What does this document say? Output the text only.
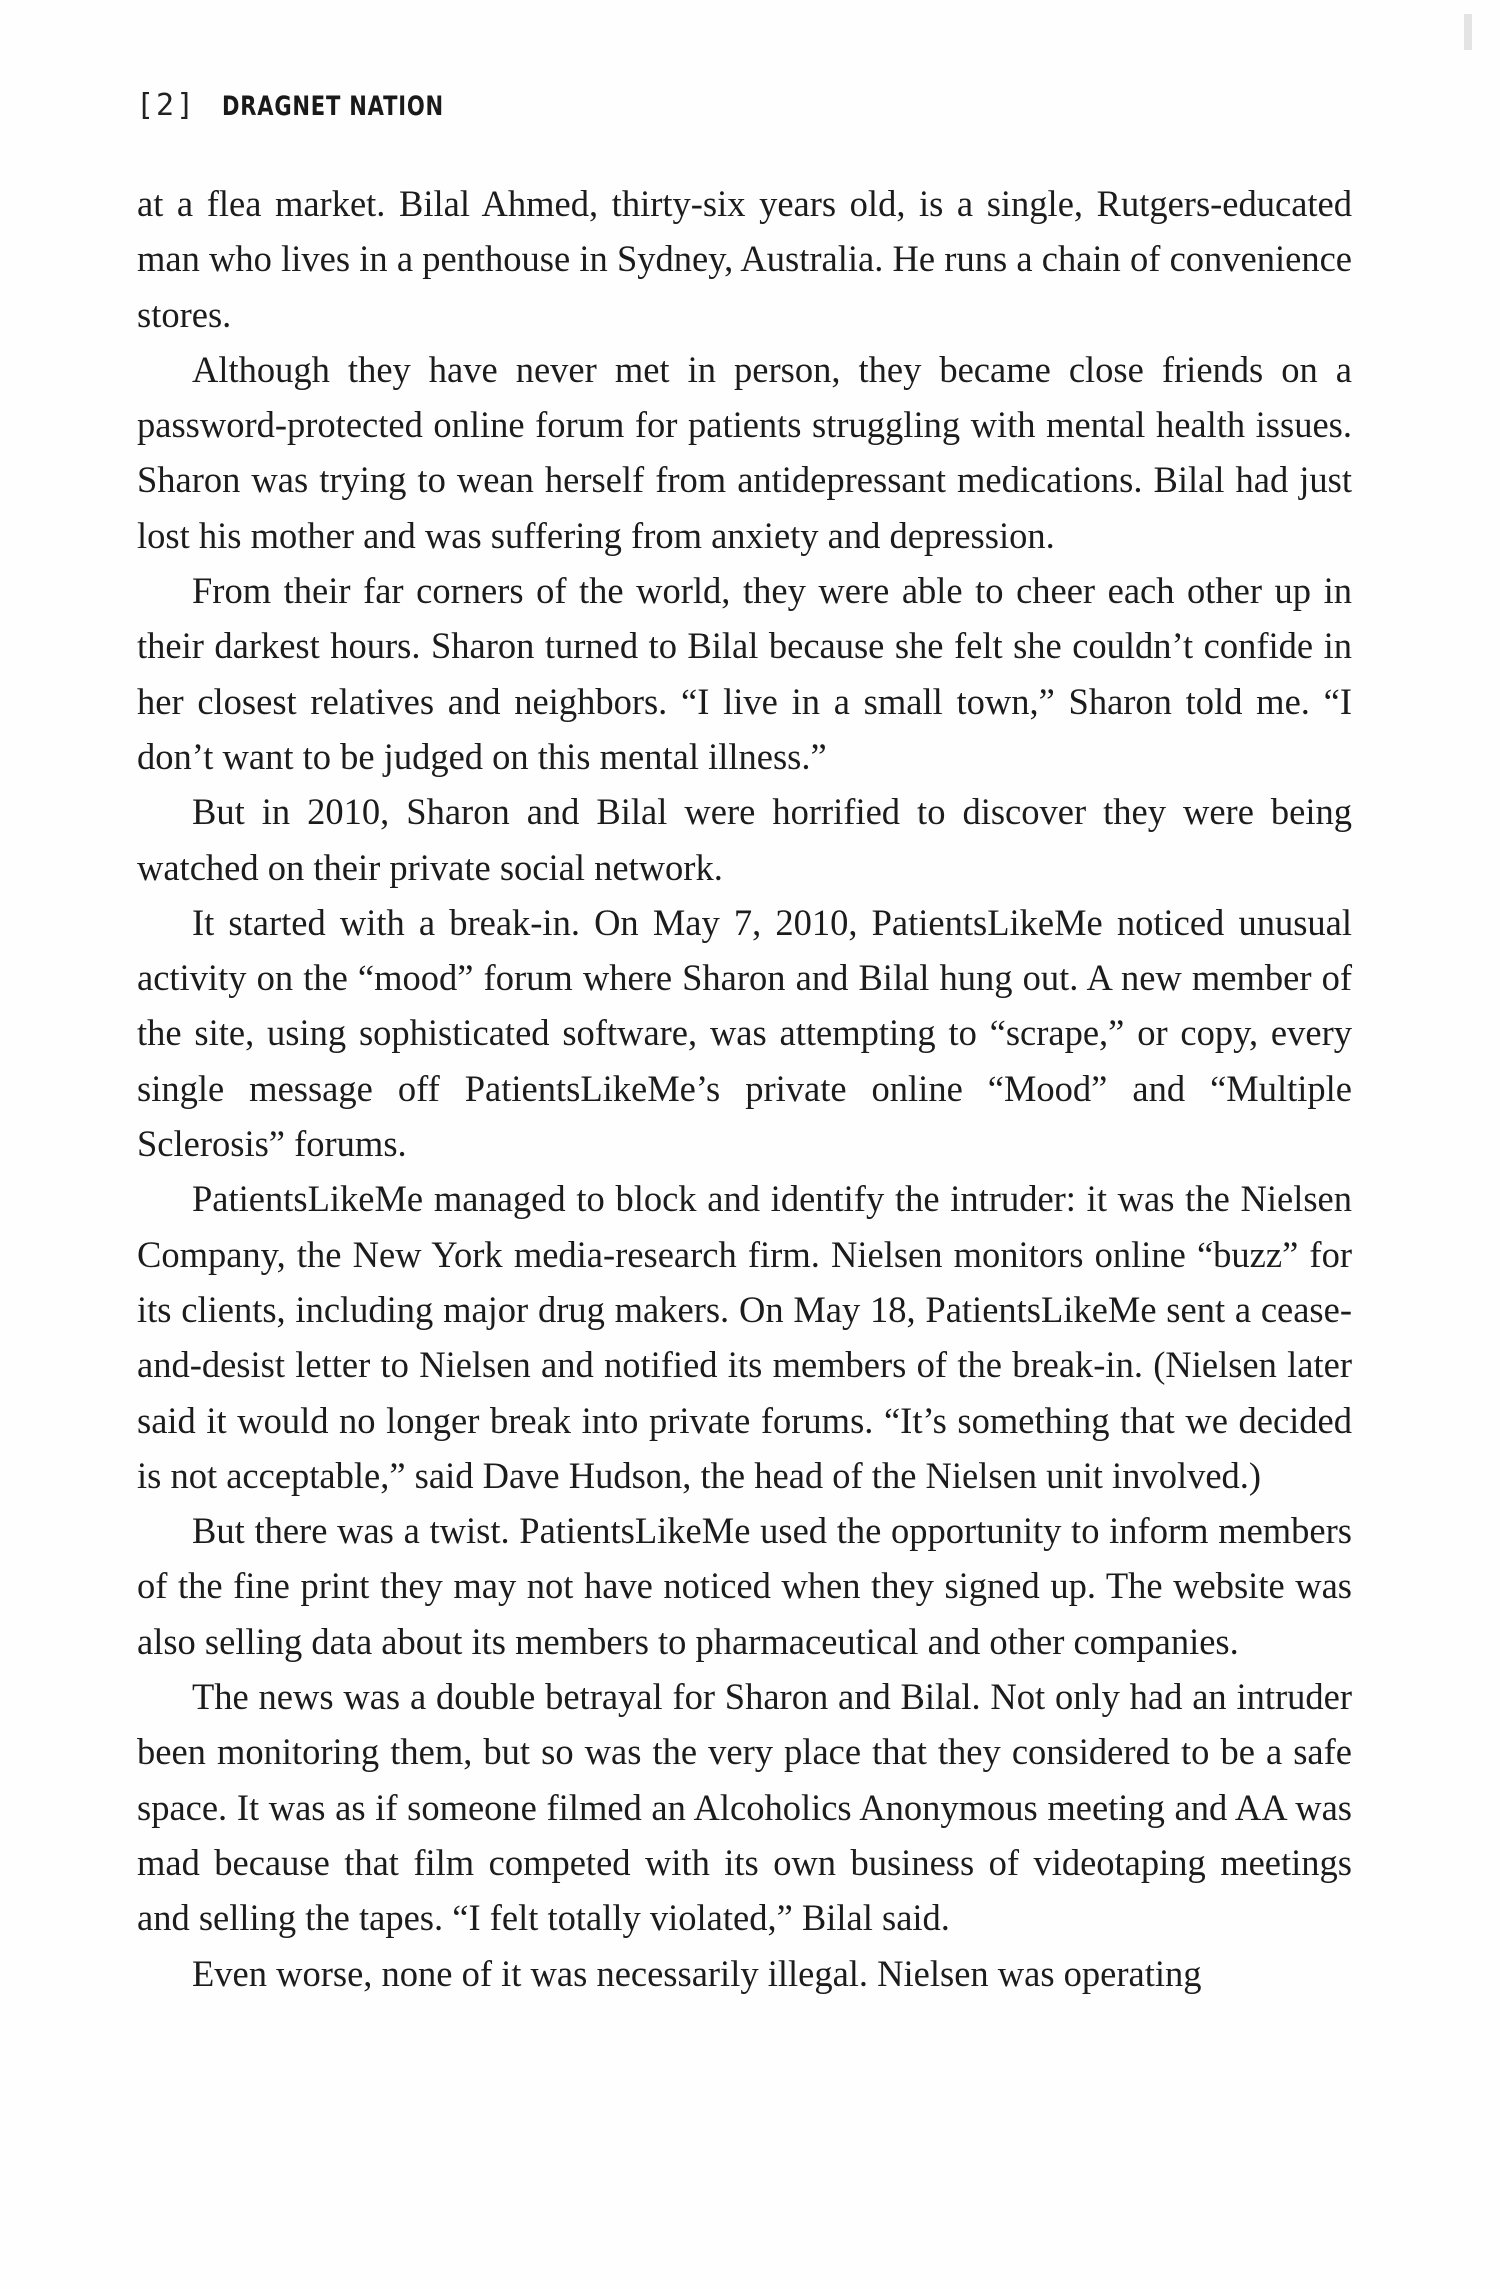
[2] DRAGNET NATION

at a flea market. Bilal Ahmed, thirty-six years old, is a single, Rutgers-educated man who lives in a penthouse in Sydney, Australia. He runs a chain of convenience stores.

Although they have never met in person, they became close friends on a password-protected online forum for patients struggling with mental health issues. Sharon was trying to wean herself from antidepressant medications. Bilal had just lost his mother and was suffering from anxiety and depression.

From their far corners of the world, they were able to cheer each other up in their darkest hours. Sharon turned to Bilal because she felt she couldn’t confide in her closest relatives and neighbors. “I live in a small town,” Sharon told me. “I don’t want to be judged on this mental illness.”

But in 2010, Sharon and Bilal were horrified to discover they were being watched on their private social network.

It started with a break-in. On May 7, 2010, PatientsLikeMe noticed unusual activity on the “mood” forum where Sharon and Bilal hung out. A new member of the site, using sophisticated software, was attempting to “scrape,” or copy, every single message off PatientsLikeMe’s private online “Mood” and “Multiple Sclerosis” forums.

PatientsLikeMe managed to block and identify the intruder: it was the Nielsen Company, the New York media-research firm. Nielsen monitors online “buzz” for its clients, including major drug makers. On May 18, PatientsLikeMe sent a cease-and-desist letter to Nielsen and notified its members of the break-in. (Nielsen later said it would no longer break into private forums. “It’s something that we decided is not acceptable,” said Dave Hudson, the head of the Nielsen unit involved.)

But there was a twist. PatientsLikeMe used the opportunity to inform members of the fine print they may not have noticed when they signed up. The website was also selling data about its members to pharmaceutical and other companies.

The news was a double betrayal for Sharon and Bilal. Not only had an intruder been monitoring them, but so was the very place that they considered to be a safe space. It was as if someone filmed an Alcoholics Anonymous meeting and AA was mad because that film competed with its own business of videotaping meetings and selling the tapes. “I felt totally violated,” Bilal said.

Even worse, none of it was necessarily illegal. Nielsen was operating
